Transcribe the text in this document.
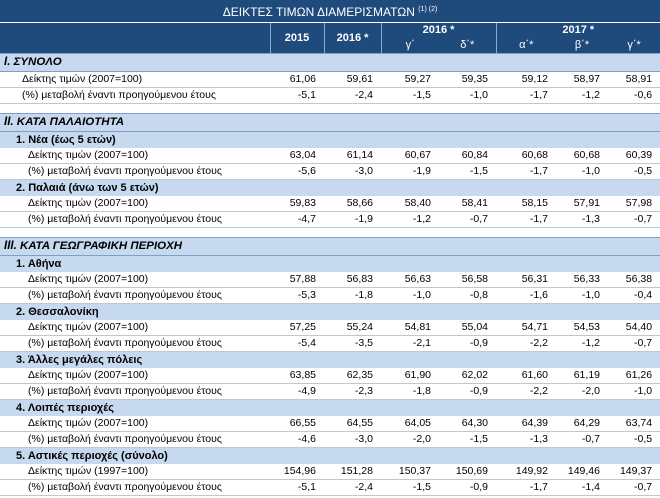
ΔΕΙΚΤΕΣ ΤΙΜΩΝ ΔΙΑΜΕΡΙΣΜΑΤΩΝ $^{(1) (2)}$
	2015	2016 *	2016 *		2017 *		
			γ΄	δ΄*	α΄*	β΄*	γ΄*
I. ΣΥΝΟΛΟ							
Δείκτης τιμών (2007=100)	61,06	59,61	59,27	59,35	59,12	58,97	58,91
(%) μεταβολή έναντι προηγούμενου έτους	-5,1	-2,4	-1,5	-1,0	-1,7	-1,2	-0,6

II. ΚΑΤΑ ΠΑΛΑΙΟΤΗΤΑ							
1. Νέα (έως 5 ετών)							
Δείκτης τιμών (2007=100)	63,04	61,14	60,67	60,84	60,68	60,68	60,39
(%) μεταβολή έναντι προηγούμενου έτους	-5,6	-3,0	-1,9	-1,5	-1,7	-1,0	-0,5
2. Παλαιά (άνω των 5 ετών)							
Δείκτης τιμών (2007=100)	59,83	58,66	58,40	58,41	58,15	57,91	57,98
(%) μεταβολή έναντι προηγούμενου έτους	-4,7	-1,9	-1,2	-0,7	-1,7	-1,3	-0,7

III. ΚΑΤΑ ΓΕΩΓΡΑΦΙΚΗ ΠΕΡΙΟΧΗ							
1. Αθήνα							
Δείκτης τιμών (2007=100)	57,88	56,83	56,63	56,58	56,31	56,33	56,38
(%) μεταβολή έναντι προηγούμενου έτους	-5,3	-1,8	-1,0	-0,8	-1,6	-1,0	-0,4
2. Θεσσαλονίκη							
Δείκτης τιμών (2007=100)	57,25	55,24	54,81	55,04	54,71	54,53	54,40
(%) μεταβολή έναντι προηγούμενου έτους	-5,4	-3,5	-2,1	-0,9	-2,2	-1,2	-0,7
3. Άλλες μεγάλες πόλεις							
Δείκτης τιμών (2007=100)	63,85	62,35	61,90	62,02	61,60	61,19	61,26
(%) μεταβολή έναντι προηγούμενου έτους	-4,9	-2,3	-1,8	-0,9	-2,2	-2,0	-1,0
4. Λοιπές περιοχές							
Δείκτης τιμών (2007=100)	66,55	64,55	64,05	64,30	64,39	64,29	63,74
(%) μεταβολή έναντι προηγούμενου έτους	-4,6	-3,0	-2,0	-1,5	-1,3	-0,7	-0,5
5. Αστικές περιοχές (σύνολο)							
Δείκτης τιμών (1997=100)	154,96	151,28	150,37	150,69	149,92	149,46	149,37
(%) μεταβολή έναντι προηγούμενου έτους	-5,1	-2,4	-1,5	-0,9	-1,7	-1,4	-0,7
